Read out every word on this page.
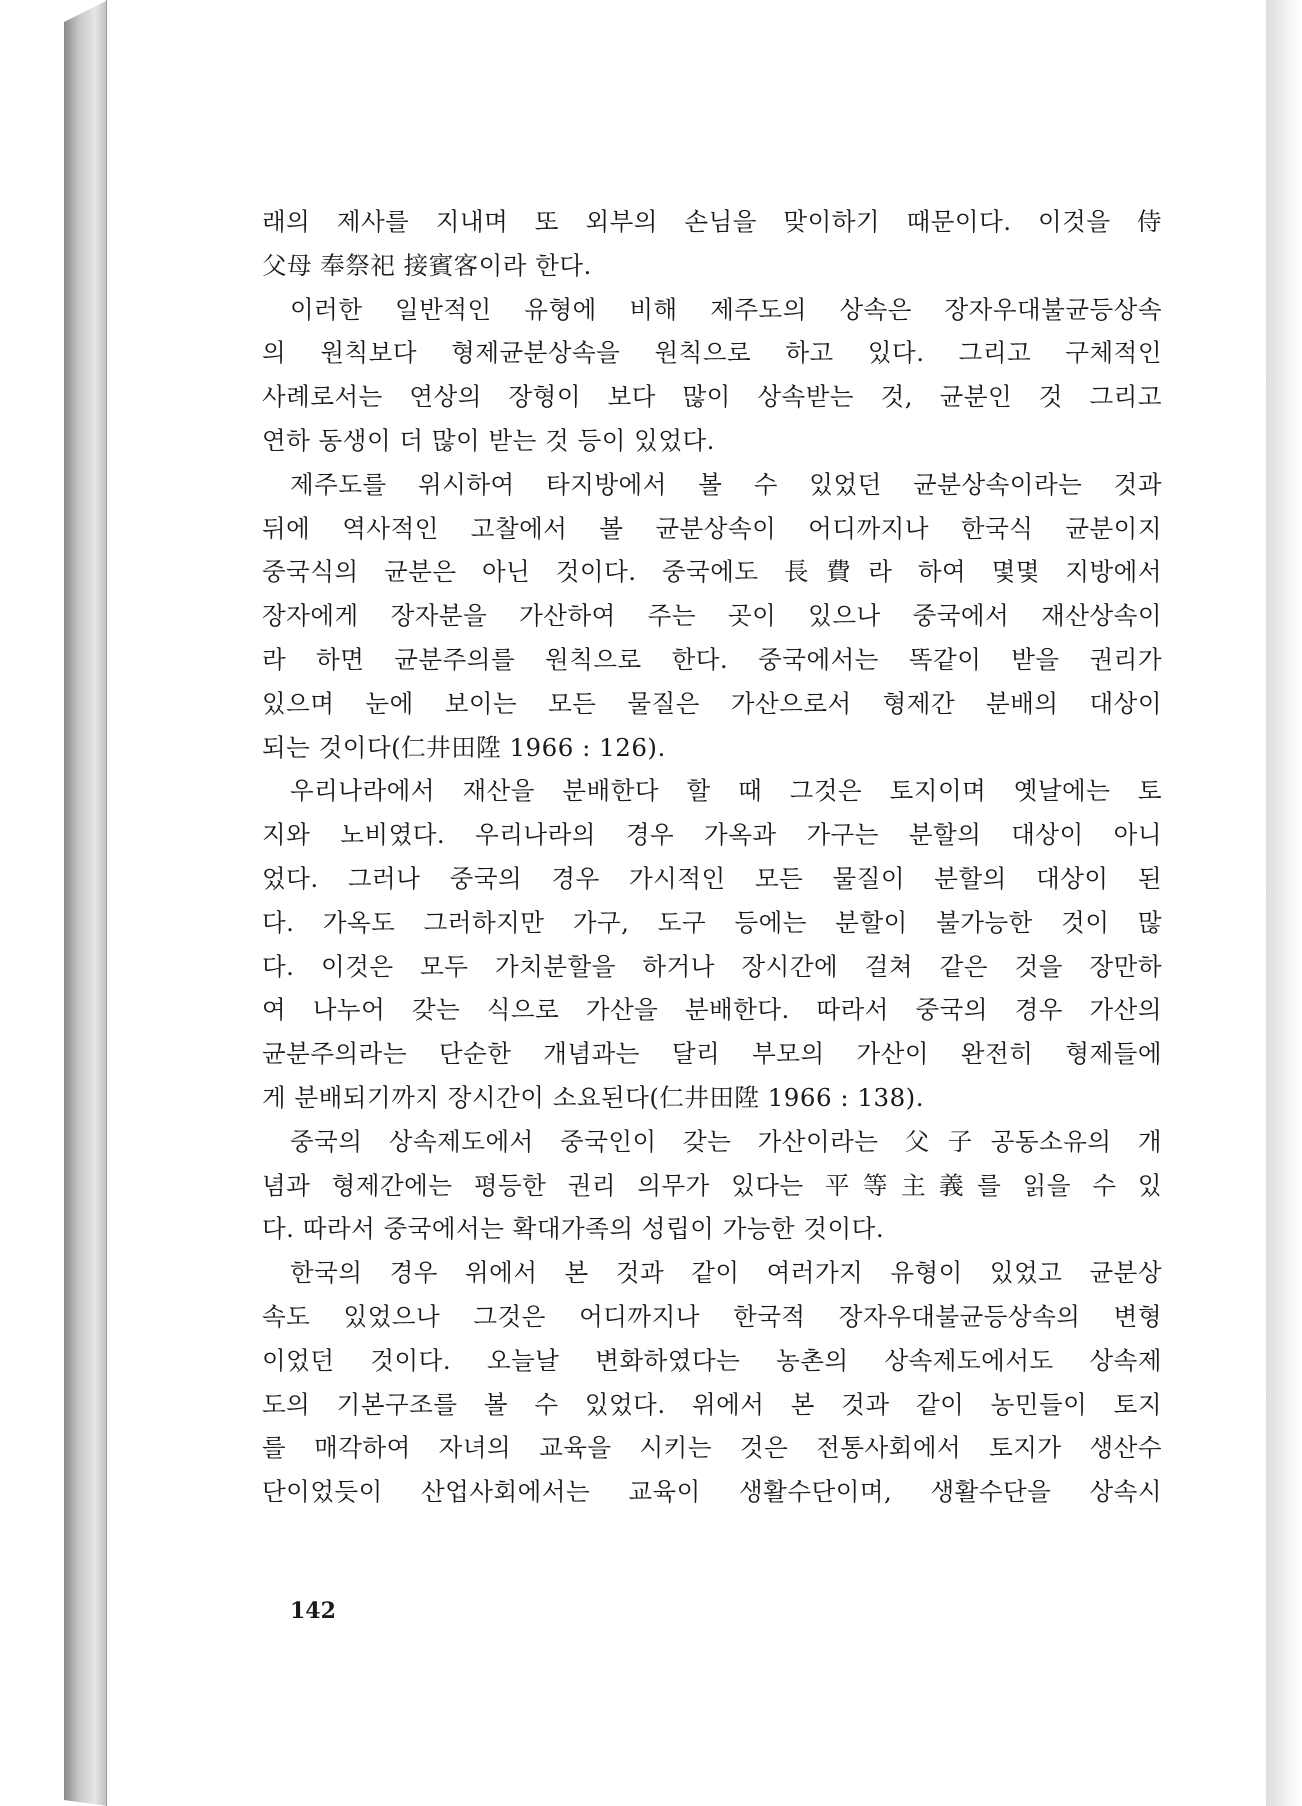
래의 제사를 지내며 또 외부의 손님을 맞이하기 때문이다. 이것을 侍
父母 奉祭祀 接賓客이라 한다.
이러한 일반적인 유형에 비해 제주도의 상속은 장자우대불균등상속
의 원칙보다 형제균분상속을 원칙으로 하고 있다. 그리고 구체적인
사례로서는 연상의 장형이 보다 많이 상속받는 것, 균분인 것 그리고
연하 동생이 더 많이 받는 것 등이 있었다.
제주도를 위시하여 타지방에서 볼 수 있었던 균분상속이라는 것과
뒤에 역사적인 고찰에서 볼 균분상속이 어디까지나 한국식 균분이지
중국식의 균분은 아닌 것이다. 중국에도 長費라 하여 몇몇 지방에서
장자에게 장자분을 가산하여 주는 곳이 있으나 중국에서 재산상속이
라 하면 균분주의를 원칙으로 한다. 중국에서는 똑같이 받을 권리가
있으며 눈에 보이는 모든 물질은 가산으로서 형제간 분배의 대상이
되는 것이다(仁井田陞 1966 : 126).
우리나라에서 재산을 분배한다 할 때 그것은 토지이며 옛날에는 토
지와 노비였다. 우리나라의 경우 가옥과 가구는 분할의 대상이 아니
었다. 그러나 중국의 경우 가시적인 모든 물질이 분할의 대상이 된
다. 가옥도 그러하지만 가구, 도구 등에는 분할이 불가능한 것이 많
다. 이것은 모두 가치분할을 하거나 장시간에 걸쳐 같은 것을 장만하
여 나누어 갖는 식으로 가산을 분배한다. 따라서 중국의 경우 가산의
균분주의라는 단순한 개념과는 달리 부모의 가산이 완전히 형제들에
게 분배되기까지 장시간이 소요된다(仁井田陞 1966 : 138).
중국의 상속제도에서 중국인이 갖는 가산이라는 父子공동소유의 개
념과 형제간에는 평등한 권리 의무가 있다는 平等主義를 읽을 수 있
다. 따라서 중국에서는 확대가족의 성립이 가능한 것이다.
한국의 경우 위에서 본 것과 같이 여러가지 유형이 있었고 균분상
속도 있었으나 그것은 어디까지나 한국적 장자우대불균등상속의 변형
이었던 것이다. 오늘날 변화하였다는 농촌의 상속제도에서도 상속제
도의 기본구조를 볼 수 있었다. 위에서 본 것과 같이 농민들이 토지
를 매각하여 자녀의 교육을 시키는 것은 전통사회에서 토지가 생산수
단이었듯이 산업사회에서는 교육이 생활수단이며, 생활수단을 상속시
142
